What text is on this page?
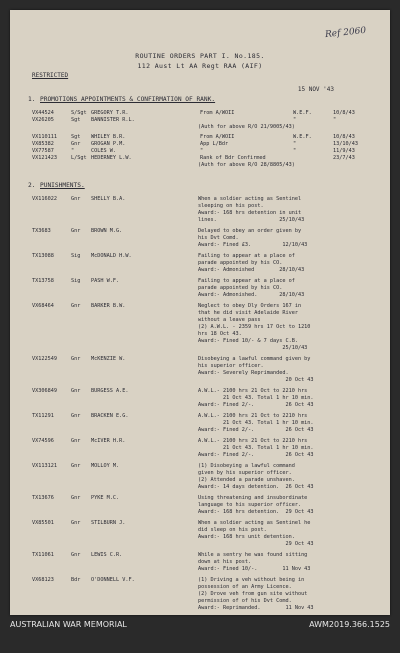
Ref 2060
ROUTINE ORDERS PART I. No.185.
112 Aust Lt AA Regt RAA (AIF)
RESTRICTED
15 NOV '43
1. PROMOTIONS APPOINTMENTS & CONFIRMATION OF RANK.
VX44524	S/Sgt GREGORY T.R.	From A/WOII	W.E.F.	10/8/43
VX26205	Sgt BANNISTER R.L.	"	"
(Auth for above R/O 21/9005/43)
VX110111	Sgt WHILEY B.R.	From A/WOII	W.E.F.	10/8/43
VX85382	Gnr GROGAN P.M.	App L/Bdr	"	13/10/43
VX77587	"	COLES W.	"	"	11/9/43
VX121423	L/Sgt HEDERNEY L.W.	Rank of Bdr Confirmed	23/7/43
(Auth for above R/O 28/8805/43)
2. PUNISHMENTS.
VX116022	Gnr SHELLY B.A.	When a soldier acting as Sentinel
sleeping on his post.
Award:- 168 hrs detention in unit
lines.                    25/10/43
TX3683	Gnr BROWN M.G.	Delayed to obey an order given by
his Dvt Comd.
Award:- Fined £3.          12/10/43
TX13088	Sig McDONALD H.W.	Failing to appear at a place of
parade appointed by his CO.
Award:- Admonished        28/10/43
TX13758	Sig PASH W.F.	Failing to appear at a place of
parade appointed by his CO.
Award:- Admonished.       28/10/43
VX68464	Gnr BARKER B.W.	Neglect to obey Dly Orders 167 in
that he did visit Adelaide River
without a leave pass
(2) A.W.L. - 2359 hrs 17 Oct to 1210
hrs 18 Oct 43.
Award:- Fined 10/- & 7 days C.B.
25/10/43
VX122549	Gnr McKENZIE W.	Disobeying a lawful command given by
his superior officer.
Award:- Severely Reprimanded.
20 Oct 43
VX306849	Gnr BURGESS A.E.	A.W.L.- 2100 hrs 21 Oct to 2210 hrs
21 Oct 43. Total 1 hr 10 min.
Award:- Fined 2/-.          26 Oct 43
TX11291	Gnr BRACKEN E.G.	A.W.L.- 2100 hrs 21 Oct to 2210 hrs
21 Oct 43. Total 1 hr 10 min.
Award:- Fined 2/-.          26 Oct 43
VX74596	Gnr McIVER H.R.	A.W.L.- 2100 hrs 21 Oct to 2210 hrs
21 Oct 43. Total 1 hr 10 min.
Award:- Fined 2/-.          26 Oct 43
VX113121	Gnr MOLLOY M.	(1) Disobeying a lawful command
given by his superior officer.
(2) Attended a parade unshaven.
Award:- 14 days detention.  26 Oct 43
TX13676	Gnr PYKE M.C.	Using threatening and insubordinate
language to his superior officer.
Award:- 168 hrs detention.  29 Oct 43
VX85501	Gnr STILBURN J.	When a soldier acting as Sentinel he
did sleep on his post.
Award:- 168 hrs unit detention.
29 Oct 43
TX11061	Gnr LEWIS C.R.	While a sentry he was found sitting
down at his post.
Award:- Fined 10/-.        11 Nov 43
VX68123	Bdr O'DONNELL V.F.	(1) Driving a veh without being in
possession of an Army Licence.
(2) Drove veh from gun site without
permission of of his Dvt Comd.
Award:- Reprimanded.        11 Nov 43
AUSTRALIAN WAR MEMORIAL	AWM2019.366.1525
